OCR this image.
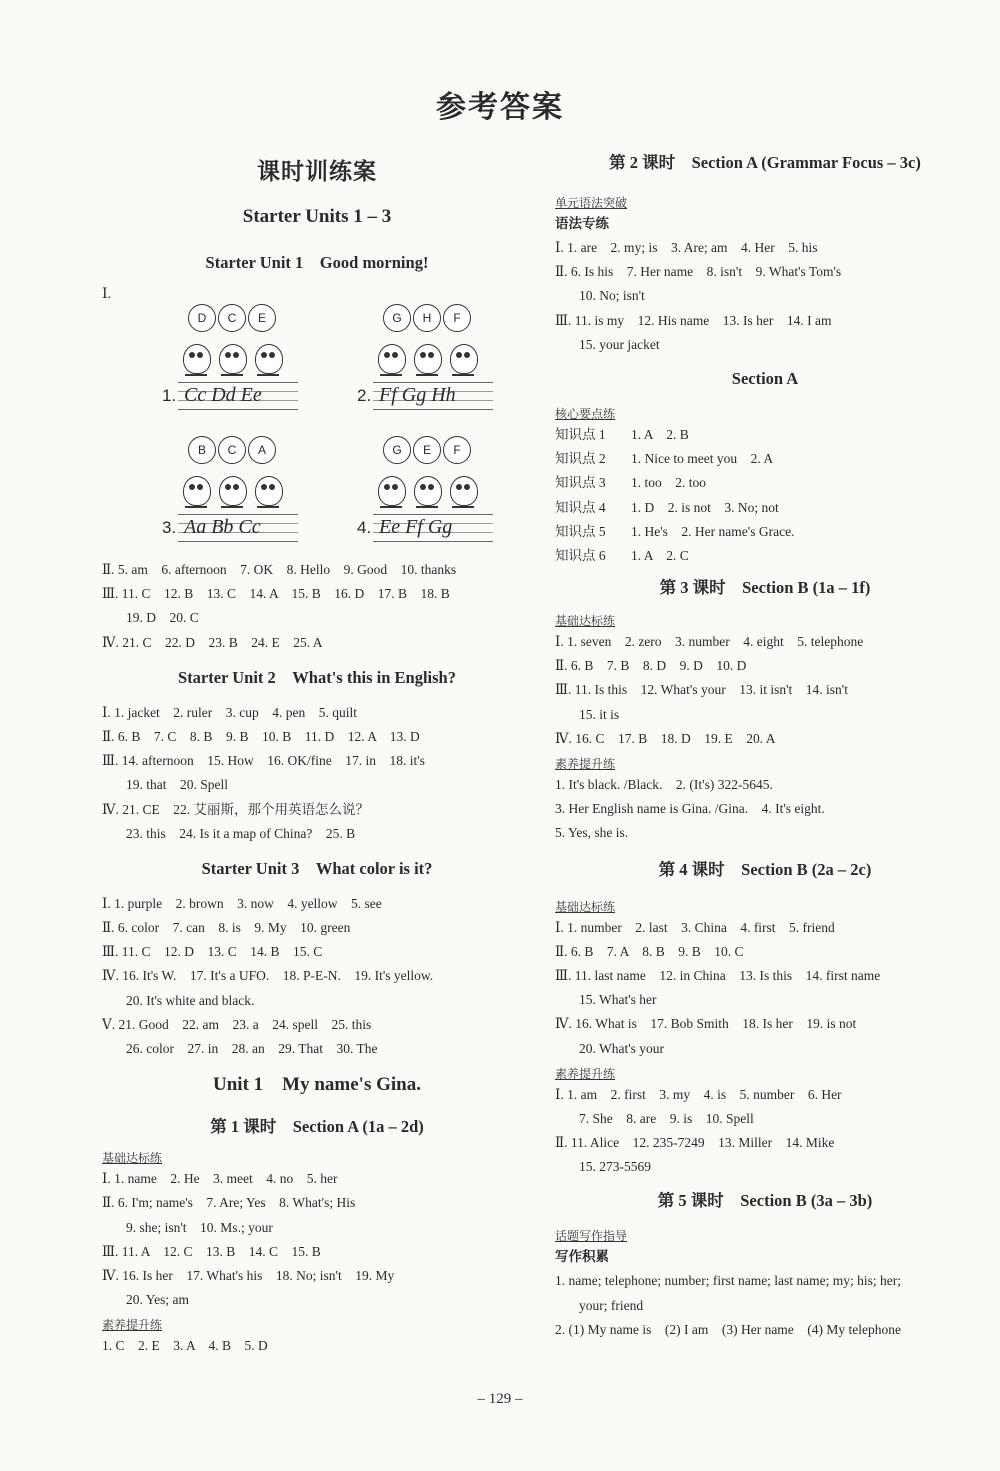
参考答案
课时训练案
Starter Units 1 – 3
Starter Unit 1　Good morning!
Ⅰ.
D	C	E
1. Cc Dd Ee
G	H	F
2. Ff Gg Hh
B	C	A
3. Aa Bb Cc
G	E	F
4. Ee Ff Gg
Ⅱ. 5. am　6. afternoon　7. OK　8. Hello　9. Good　10. thanks
Ⅲ. 11. C　12. B　13. C　14. A　15. B　16. D　17. B　18. B
19. D　20. C
Ⅳ. 21. C　22. D　23. B　24. E　25. A
Starter Unit 2　What's this in English?
Ⅰ. 1. jacket　2. ruler　3. cup　4. pen　5. quilt
Ⅱ. 6. B　7. C　8. B　9. B　10. B　11. D　12. A　13. D
Ⅲ. 14. afternoon　15. How　16. OK/fine　17. in　18. it's
19. that　20. Spell
Ⅳ. 21. CE　22. 艾丽斯，那个用英语怎么说？
23. this　24. Is it a map of China?　25. B
Starter Unit 3　What color is it?
Ⅰ. 1. purple　2. brown　3. now　4. yellow　5. see
Ⅱ. 6. color　7. can　8. is　9. My　10. green
Ⅲ. 11. C　12. D　13. C　14. B　15. C
Ⅳ. 16. It's W.　17. It's a UFO.　18. P-E-N.　19. It's yellow.
20. It's white and black.
Ⅴ. 21. Good　22. am　23. a　24. spell　25. this
26. color　27. in　28. an　29. That　30. The
Unit 1　My name's Gina.
第 1 课时　Section A (1a – 2d)
基础达标练
Ⅰ. 1. name　2. He　3. meet　4. no　5. her
Ⅱ. 6. I'm; name's　7. Are; Yes　8. What's; His
9. she; isn't　10. Ms.; your
Ⅲ. 11. A　12. C　13. B　14. C　15. B
Ⅳ. 16. Is her　17. What's his　18. No; isn't　19. My
20. Yes; am
素养提升练
1. C　2. E　3. A　4. B　5. D
第 2 课时　Section A (Grammar Focus – 3c)
单元语法突破
语法专练
Ⅰ. 1. are　2. my; is　3. Are; am　4. Her　5. his
Ⅱ. 6. Is his　7. Her name　8. isn't　9. What's Tom's
10. No; isn't
Ⅲ. 11. is my　12. His name　13. Is her　14. I am
15. your jacket
Section A
核心要点练
知识点 1 1. A　2. B
知识点 2 1. Nice to meet you　2. A
知识点 3 1. too　2. too
知识点 4 1. D　2. is not　3. No; not
知识点 5 1. He's　2. Her name's Grace.
知识点 6 1. A　2. C
第 3 课时　Section B (1a – 1f)
基础达标练
Ⅰ. 1. seven　2. zero　3. number　4. eight　5. telephone
Ⅱ. 6. B　7. B　8. D　9. D　10. D
Ⅲ. 11. Is this　12. What's your　13. it isn't　14. isn't
15. it is
Ⅳ. 16. C　17. B　18. D　19. E　20. A
素养提升练
1. It's black. /Black.　2. (It's) 322-5645.
3. Her English name is Gina. /Gina.　4. It's eight.
5. Yes, she is.
第 4 课时　Section B (2a – 2c)
基础达标练
Ⅰ. 1. number　2. last　3. China　4. first　5. friend
Ⅱ. 6. B　7. A　8. B　9. B　10. C
Ⅲ. 11. last name　12. in China　13. Is this　14. first name
15. What's her
Ⅳ. 16. What is　17. Bob Smith　18. Is her　19. is not
20. What's your
素养提升练
Ⅰ. 1. am　2. first　3. my　4. is　5. number　6. Her
7. She　8. are　9. is　10. Spell
Ⅱ. 11. Alice　12. 235-7249　13. Miller　14. Mike
15. 273-5569
第 5 课时　Section B (3a – 3b)
话题写作指导
写作积累
1. name; telephone; number; first name; last name; my; his; her;
your; friend
2. (1) My name is　(2) I am　(3) Her name　(4) My telephone
– 129 –
